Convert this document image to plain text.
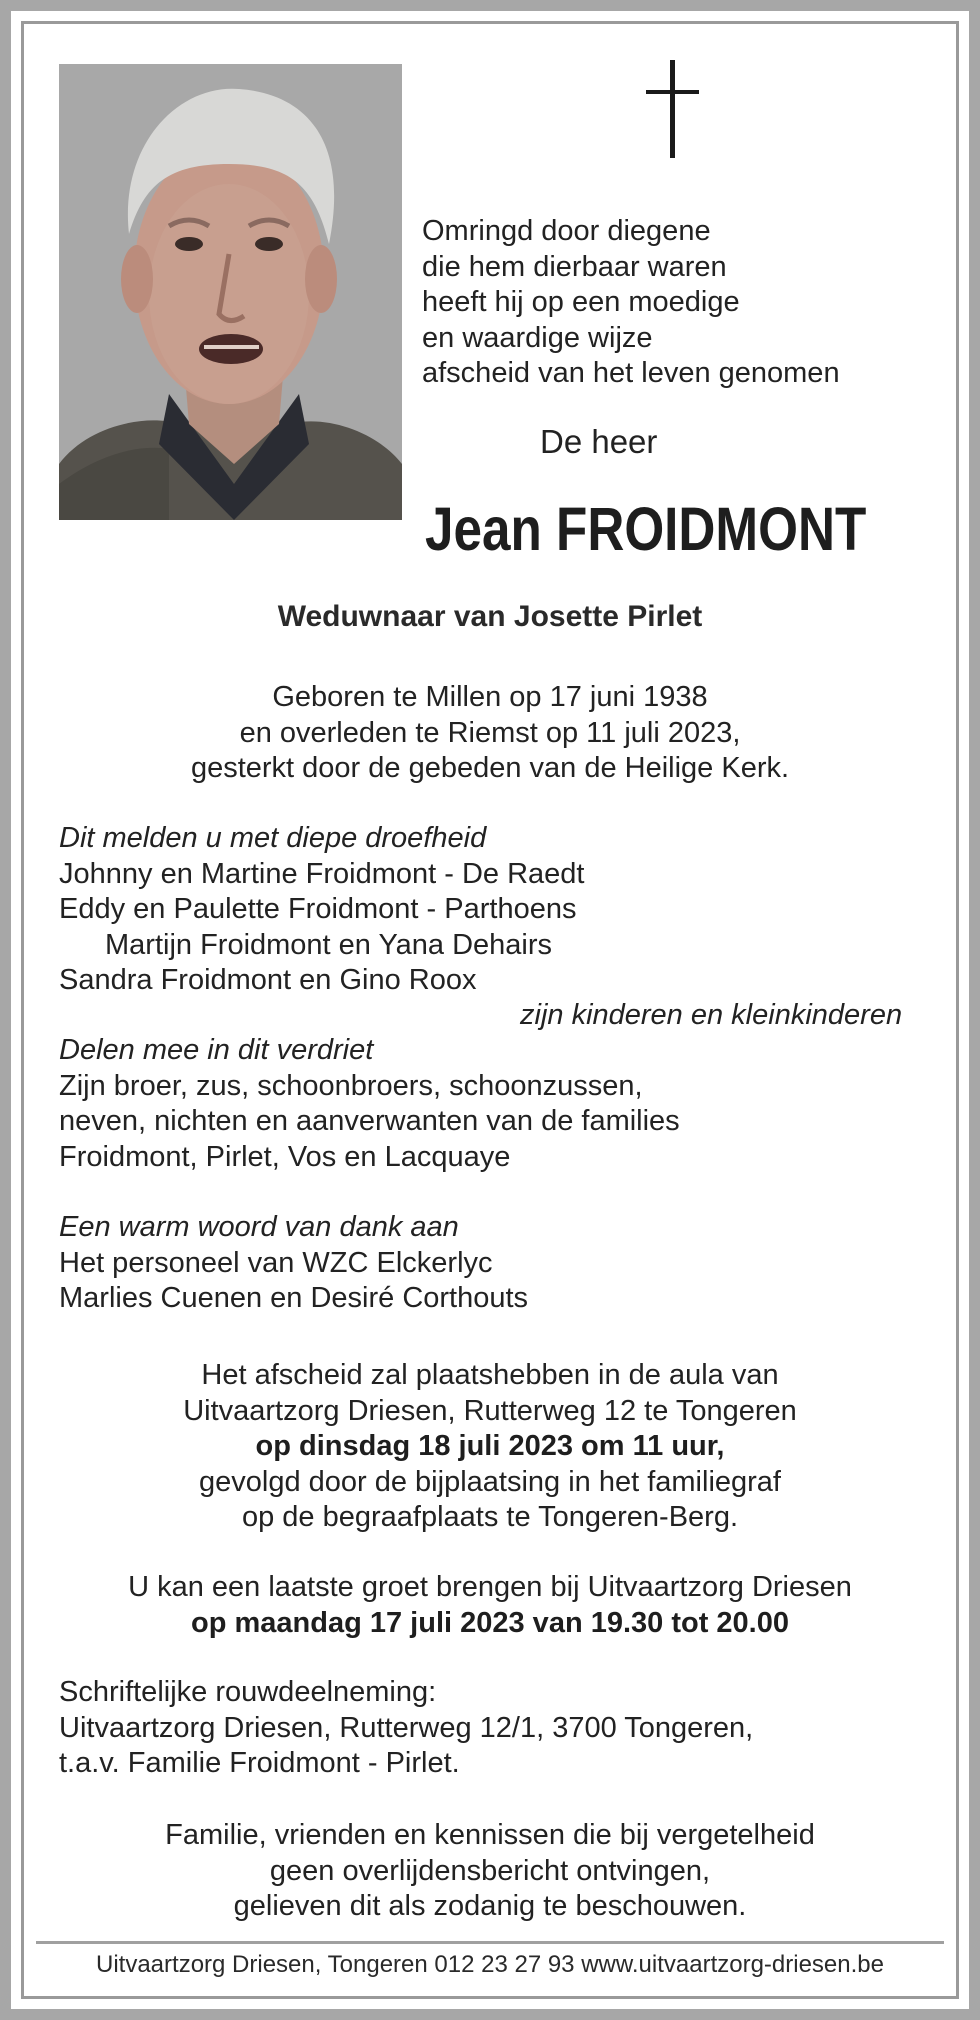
Omringd door diegene
die hem dierbaar waren
heeft hij op een moedige
en waardige wijze
afscheid van het leven genomen
De heer
Jean FROIDMONT
Weduwnaar van Josette Pirlet
Geboren te Millen op 17 juni 1938
en overleden te Riemst op 11 juli 2023,
gesterkt door de gebeden van de Heilige Kerk.
Dit melden u met diepe droefheid
Johnny en Martine Froidmont - De Raedt
Eddy en Paulette Froidmont - Parthoens
Martijn Froidmont en Yana Dehairs
Sandra Froidmont en Gino Roox
zijn kinderen en kleinkinderen
Delen mee in dit verdriet
Zijn broer, zus, schoonbroers, schoonzussen,
neven, nichten en aanverwanten van de families
Froidmont, Pirlet, Vos en Lacquaye
Een warm woord van dank aan
Het personeel van WZC Elckerlyc
Marlies Cuenen en Desiré Corthouts
Het afscheid zal plaatshebben in de aula van
Uitvaartzorg Driesen, Rutterweg 12 te Tongeren
op dinsdag 18 juli 2023 om 11 uur,
gevolgd door de bijplaatsing in het familiegraf
op de begraafplaats te Tongeren-Berg.
U kan een laatste groet brengen bij Uitvaartzorg Driesen
op maandag 17 juli 2023 van 19.30 tot 20.00
Schriftelijke rouwdeelneming:
Uitvaartzorg Driesen, Rutterweg 12/1, 3700 Tongeren,
t.a.v. Familie Froidmont - Pirlet.
Familie, vrienden en kennissen die bij vergetelheid
geen overlijdensbericht ontvingen,
gelieven dit als zodanig te beschouwen.
Uitvaartzorg Driesen, Tongeren 012 23 27 93 www.uitvaartzorg-driesen.be
